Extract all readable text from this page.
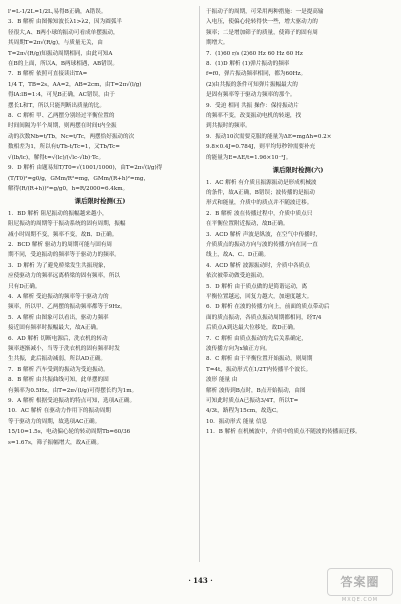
l'=L-1/2L=1/2L,易得B正确，A错误。
3．B 解析 由图像知波长λ1>λ2，因为圆弧半
径很大,A、B两小球的振动可看成单摆振动，
其周期T=2π√(R/g)，与质量无关，由
T=2π√(R/g)知振动周期相同，由此可知A
在B的上面，所以A，B两球相遇，AB错误。
7．B 解析 依照可直接读出TA=
1/4 T，TB=2s，AA=2，AB=2cm，由T=2π√(l/g)
得lA:lB=1:4，可见B正确，AC错误，由于
摆长L和T，所以只能判断出质量的比。
8．C 解析 甲、乙两摆分别经过平衡位置的
时间间隔为半个周期，则两摆在时间t内全振
动的次数Nb=t/Tb，Nc=t/Tc，两摆恰好振动的次
数相差为1，所以有t/Tb-t/Tc=1，又Tb/Tc=
√(lb/lc)，解得t=√(lc)/(√lc-√lb)·Tc。
9．D 解析 由题易知T/T0=√(1001/1000)，由T=2π√(l/g)得
(T/T0)²=g0/g，GMm/R²=mg，GMm/(R+h)²=mg，
解得(R/(R+h))²=g/g0，h=R/2000=6.4km。
课后限时检测(五)
1．BD 解析 阻尼振动的振幅越来越小，
阻尼振动的周期等于振动系统的固有周期，振幅
减小时周期不变，频率不变，故B、D正确。
2．BCD 解析 驱动力的周期可能与固有周
期不同，受迫振动的频率等于驱动力的频率。
3．D 解析 为了避免桥梁发生共振现象，
应使驱动力的频率远离桥梁的固有频率，所以
只有D正确。
4．A 解析 受迫振动的频率等于驱动力的
频率，所以甲、乙两摆的振动频率都等于9Hz。
5．A 解析 由图象可以看出，驱动力频率
接近固有频率时振幅最大，故A正确。
6．AD 解析 切断电源后，洗衣机的转动
频率逐渐减小，当等于洗衣机的固有频率时发
生共振，此后振动减弱，所以AD正确。
7．B 解析 汽车受到的振动为受迫振动。
8．B 解析 由共振曲线可知，此单摆的固
有频率为0.5Hz，由T=2π√(l/g)可得摆长约为1m。
9．A 解析 根据受迫振动的特点可知，选项A正确。
10．AC 解析 在驱动力作用下的振动周期
等于驱动力的周期，故选项AC正确。
15/10=1.5s，电动偏心轮的转动周期Tb=60/36
s=1.67s，筛子振幅增大，故A正确。
于振动子的周期，可采用两种措施：一是提高输
入电压，使偏心轮转得快一些，增大驱动力的
频率；二是增加筛子的质量，使筛子的固有周
期增大。
7．(1)60 r/s (2)60 Hz 60 Hz 60 Hz
8．(1)D 解析 (1)弹片振动的频率
f=f0，弹片振动频率相同，都为60Hz。
(2)由共振的条件可知弹片振幅最大的
是固有频率等于驱动力频率的那个。
9．受迫 相同 共振 操作：保持振动片
的频率不变，改变振动电机的转速，找
到共振时的频率。
9．振动10次需要克服的能量为ΔE=mgΔh=0.2×
9.8×0.4J=0.784J，则平均每秒钟需要补充
的能量为E=ΔE/t=1.96×10⁻²J。
课后限时检测(六)
1．AC 解析 有介质且振源振动是形成机械波
的条件，故A正确，B错误；波传播的是振动
形式和能量，介质中的质点并不随波迁移。
2．B 解析 波在传播过程中，介质中质点只
在平衡位置附近振动，故B正确。
3．ACD 解析 声波是纵波，在空气中传播时，
介质质点的振动方向与波的传播方向在同一直
线上，故A、C、D正确。
4．ACD 解析 波源振动时，介质中各质点
依次被带动做受迫振动。
5．D 解析 由于质点做的是简谐运动，离
平衡位置越远，回复力越大，加速度越大。
6．D 解析 在波的传播方向上，前面的质点带动后
面的质点振动，各质点振动周期都相同，经T/4
后质点A到达最大位移处，故D正确。
7．C 解析 由质点振动的先后关系确定，
波传播方向为x轴正方向。
8．C 解析 由于平衡位置开始振动，则周期
T=4t，振动形式在1/2T内传播半个波长。
波形 能量 由
解析 波传到B点时，B点开始振动，由图
可知此时质点A已振动3/4T，所以T=
4/3t，路程为15cm，故选C。
10．振动形式 能量 信息
11．B 解析 在机械波中，介质中的质点不随波的传播而迁移。
· 143 ·	答案圈
MXQE.COM
